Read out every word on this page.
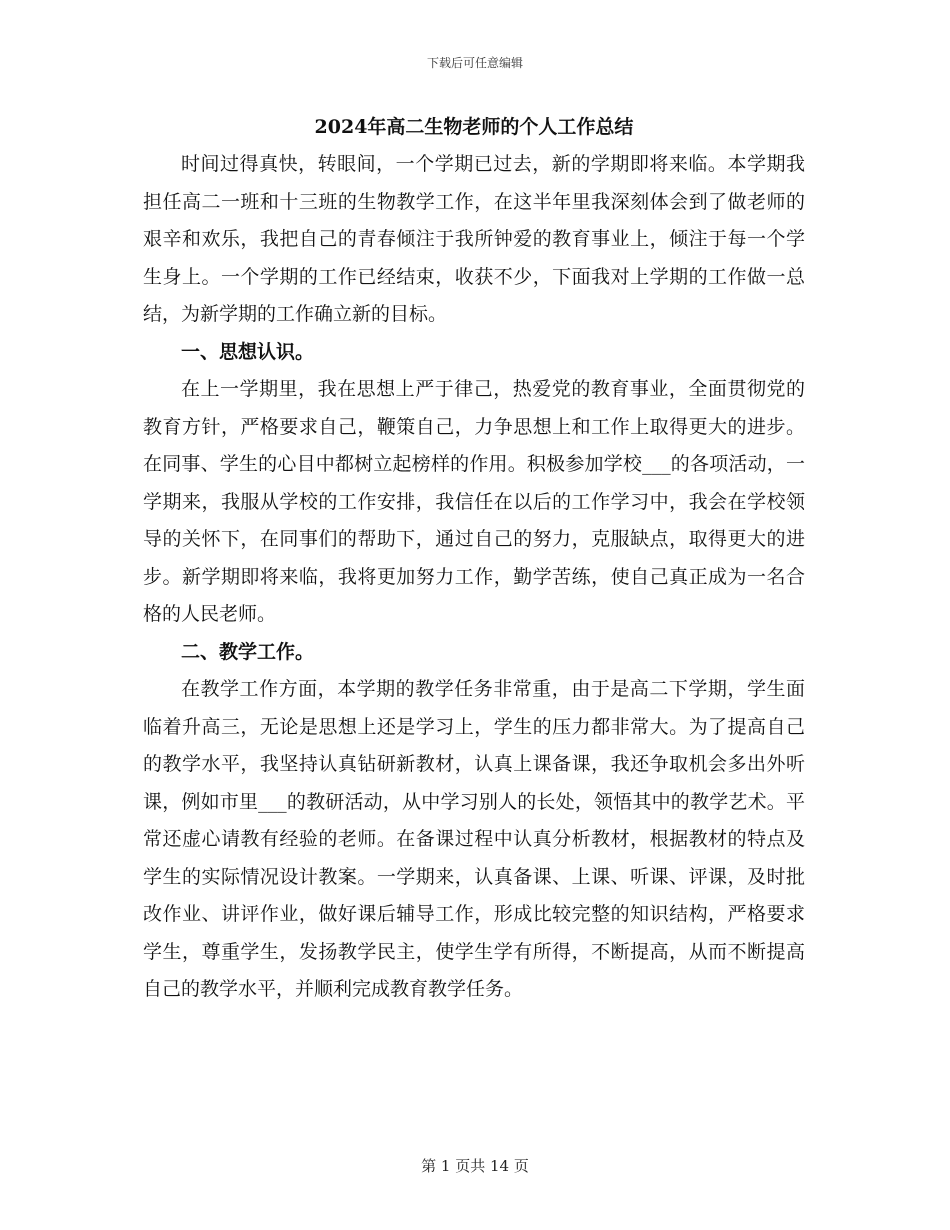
下载后可任意编辑
2024年高二生物老师的个人工作总结

时间过得真快，转眼间，一个学期已过去，新的学期即将来临。本学期我担任高二一班和十三班的生物教学工作，在这半年里我深刻体会到了做老师的艰辛和欢乐，我把自己的青春倾注于我所钟爱的教育事业上，倾注于每一个学生身上。一个学期的工作已经结束，收获不少，下面我对上学期的工作做一总结，为新学期的工作确立新的目标。

一、思想认识。

在上一学期里，我在思想上严于律己，热爱党的教育事业，全面贯彻党的教育方针，严格要求自己，鞭策自己，力争思想上和工作上取得更大的进步。在同事、学生的心目中都树立起榜样的作用。积极参加学校___的各项活动，一学期来，我服从学校的工作安排，我信任在以后的工作学习中，我会在学校领导的关怀下，在同事们的帮助下，通过自己的努力，克服缺点，取得更大的进步。新学期即将来临，我将更加努力工作，勤学苦练，使自己真正成为一名合格的人民老师。

二、教学工作。

在教学工作方面，本学期的教学任务非常重，由于是高二下学期，学生面临着升高三，无论是思想上还是学习上，学生的压力都非常大。为了提高自己的教学水平，我坚持认真钻研新教材，认真上课备课，我还争取机会多出外听课，例如市里___的教研活动，从中学习别人的长处，领悟其中的教学艺术。平常还虚心请教有经验的老师。在备课过程中认真分析教材，根据教材的特点及学生的实际情况设计教案。一学期来，认真备课、上课、听课、评课，及时批改作业、讲评作业，做好课后辅导工作，形成比较完整的知识结构，严格要求学生，尊重学生，发扬教学民主，使学生学有所得，不断提高，从而不断提高自己的教学水平，并顺利完成教育教学任务。

第 1 页共 14 页
